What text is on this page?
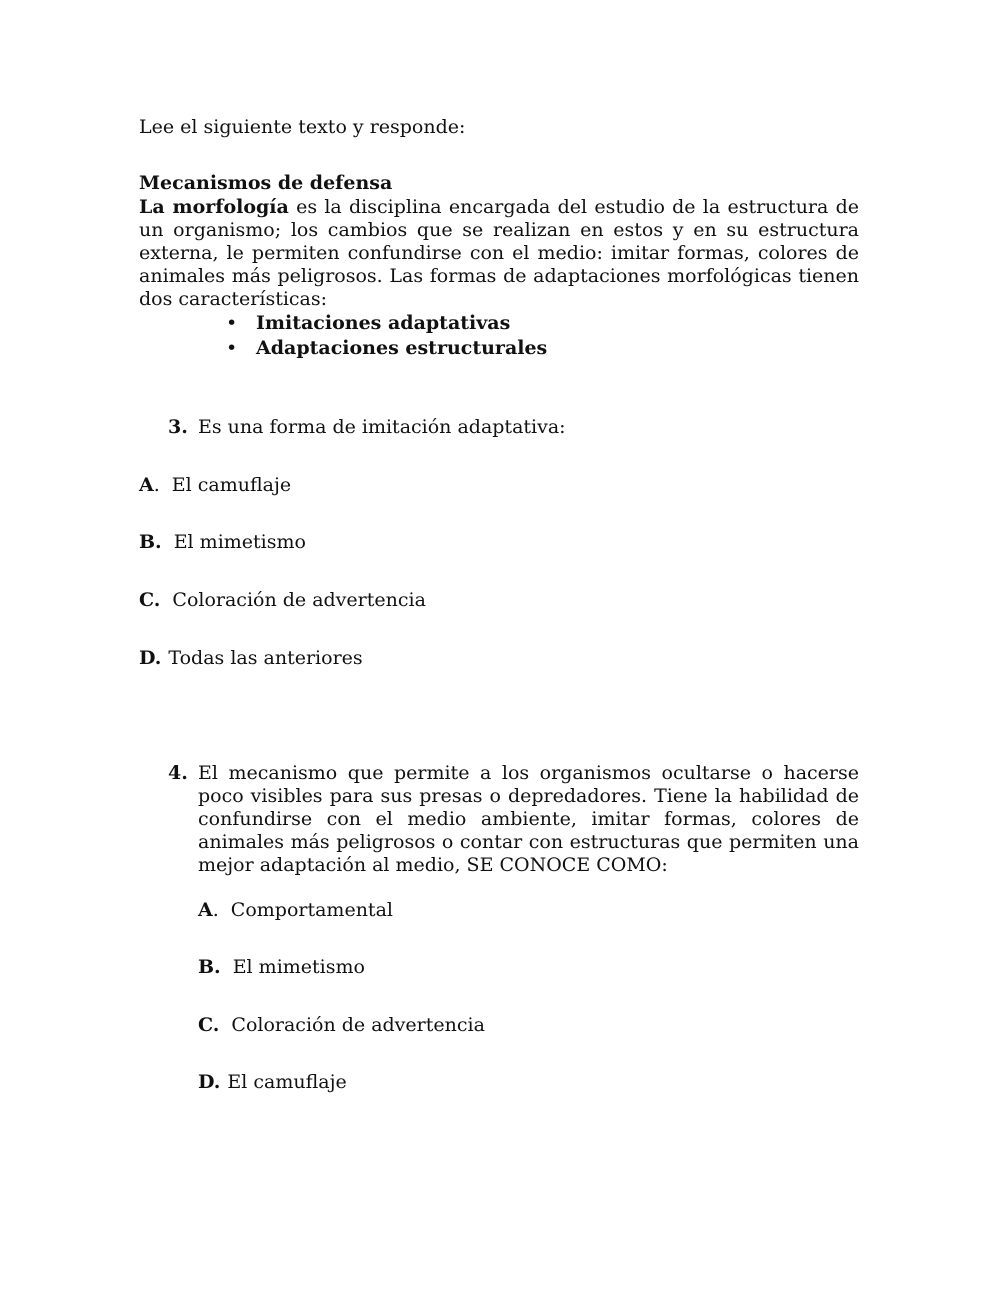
Lee el siguiente texto y responde:
Mecanismos de defensa
La morfología es la disciplina encargada del estudio de la estructura de un organismo; los cambios que se realizan en estos y en su estructura externa, le permiten confundirse con el medio: imitar formas, colores de animales más peligrosos. Las formas de adaptaciones morfológicas tienen dos características:
• Imitaciones adaptativas
• Adaptaciones estructurales
3. Es una forma de imitación adaptativa:
A. El camuflaje
B. El mimetismo
C. Coloración de advertencia
D. Todas las anteriores
4. El mecanismo que permite a los organismos ocultarse o hacerse poco visibles para sus presas o depredadores. Tiene la habilidad de confundirse con el medio ambiente, imitar formas, colores de animales más peligrosos o contar con estructuras que permiten una mejor adaptación al medio, SE CONOCE COMO:
A. Comportamental
B. El mimetismo
C. Coloración de advertencia
D. El camuflaje
